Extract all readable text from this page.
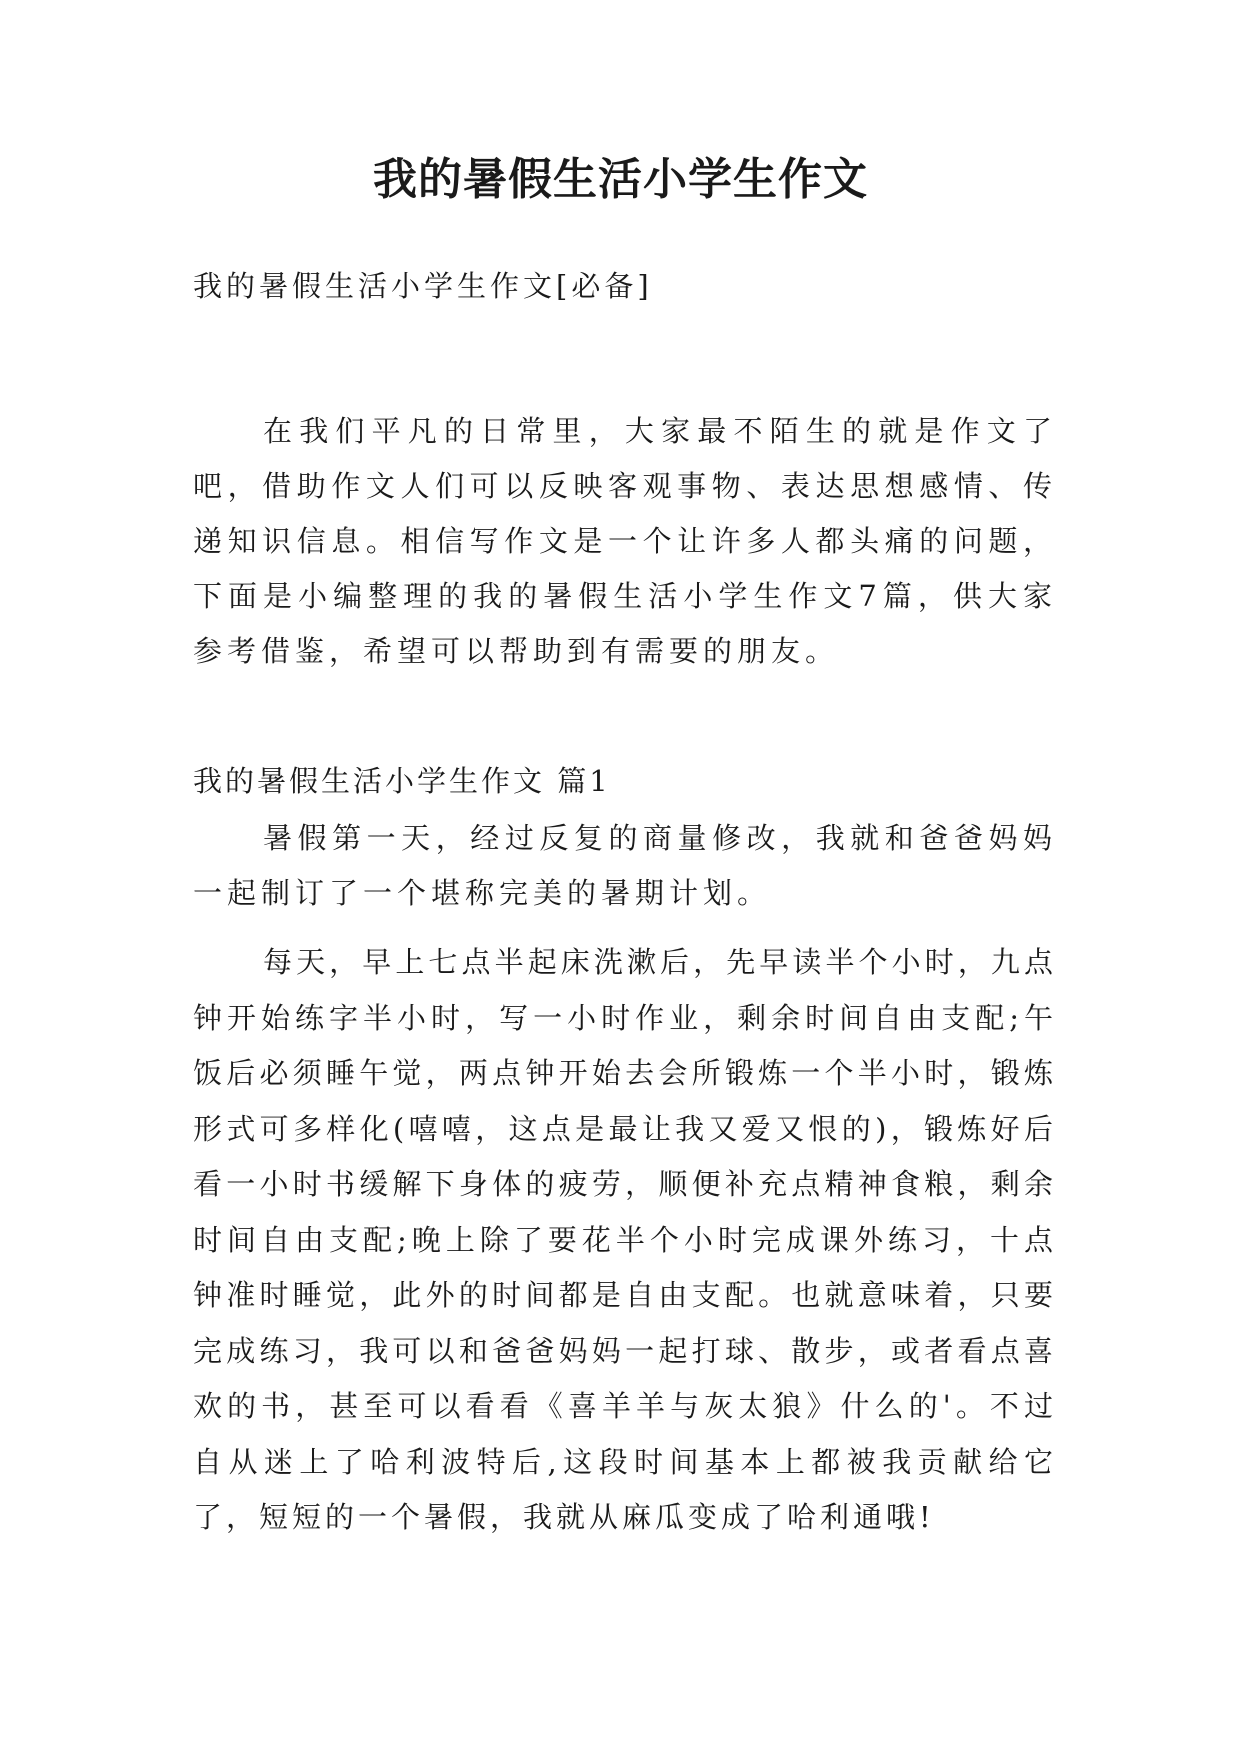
我的暑假生活小学生作文

我的暑假生活小学生作文[必备]

在我们平凡的日常里，大家最不陌生的就是作文了吧，借助作文人们可以反映客观事物、表达思想感情、传递知识信息。相信写作文是一个让许多人都头痛的问题，下面是小编整理的我的暑假生活小学生作文7篇，供大家参考借鉴，希望可以帮助到有需要的朋友。

我的暑假生活小学生作文 篇1

暑假第一天，经过反复的商量修改，我就和爸爸妈妈一起制订了一个堪称完美的暑期计划。

每天，早上七点半起床洗漱后，先早读半个小时，九点钟开始练字半小时，写一小时作业，剩余时间自由支配;午饭后必须睡午觉，两点钟开始去会所锻炼一个半小时，锻炼形式可多样化(嘻嘻，这点是最让我又爱又恨的)，锻炼好后看一小时书缓解下身体的疲劳，顺便补充点精神食粮，剩余时间自由支配;晚上除了要花半个小时完成课外练习，十点钟准时睡觉，此外的时间都是自由支配。也就意味着，只要完成练习，我可以和爸爸妈妈一起打球、散步，或者看点喜欢的书，甚至可以看看《喜羊羊与灰太狼》什么的'。不过自从迷上了哈利波特后,这段时间基本上都被我贡献给它了，短短的一个暑假，我就从麻瓜变成了哈利通哦!
